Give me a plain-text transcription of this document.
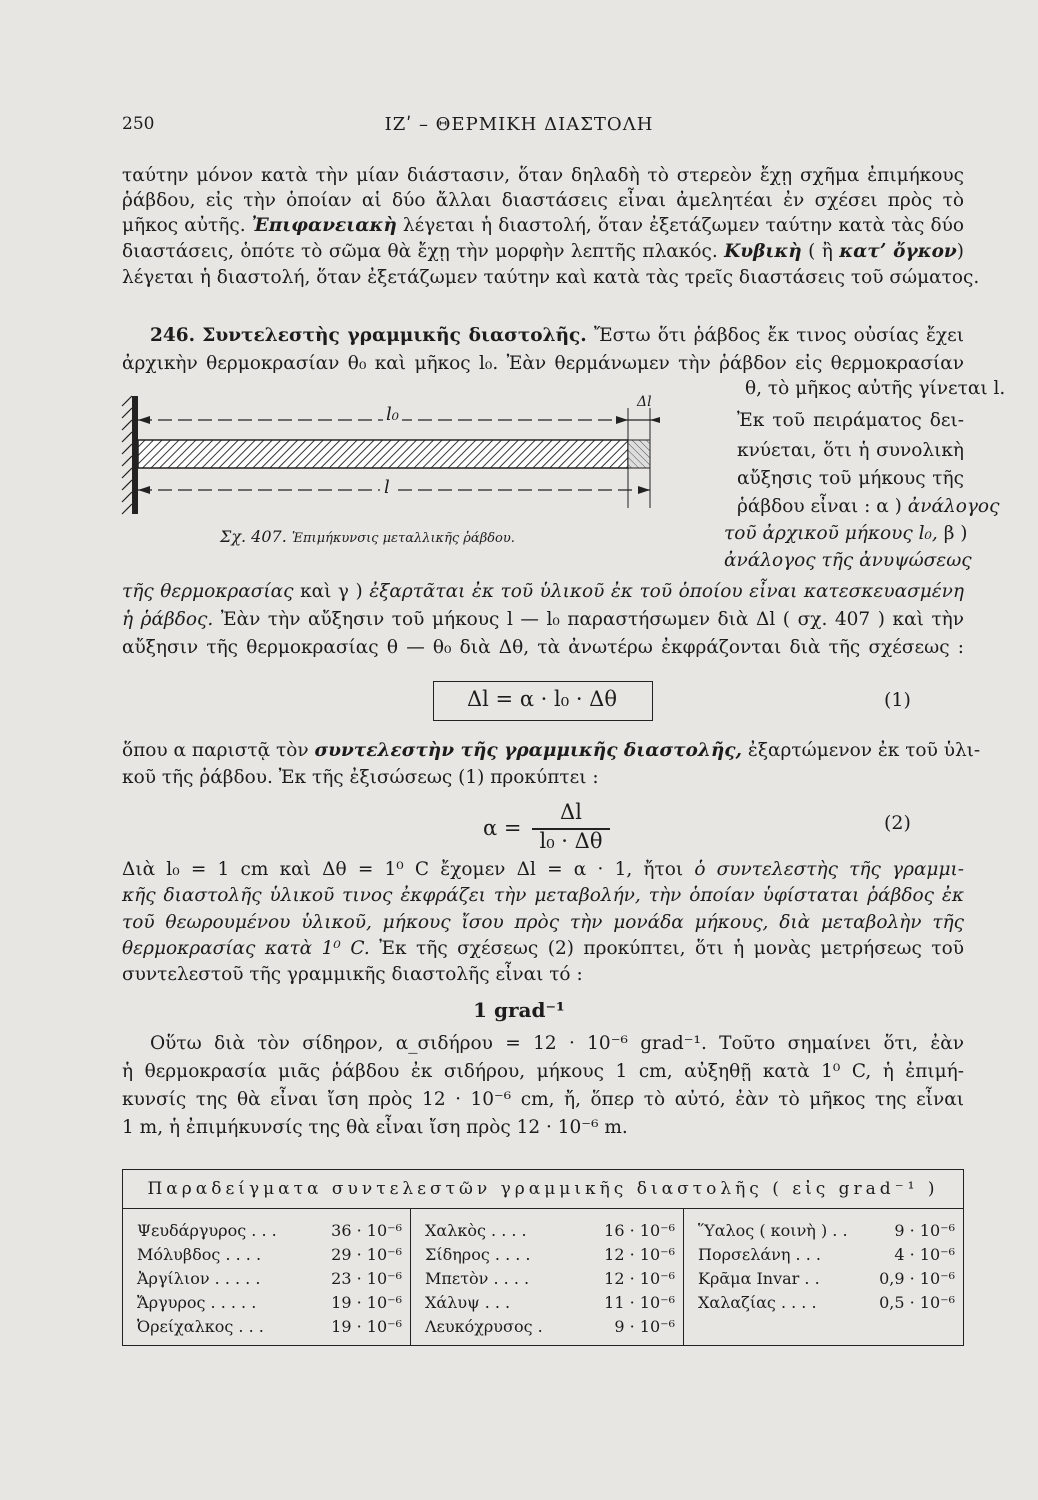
250	ΙΖʹ – ΘΕΡΜΙΚΗ ΔΙΑΣΤΟΛΗ
ταύτην μόνον κατὰ τὴν μίαν διάστασιν, ὅταν δηλαδὴ τὸ στερεὸν ἔχῃ σχῆμα ἐπιμήκους
ῥάβδου, εἰς τὴν ὁποίαν αἱ δύο ἄλλαι διαστάσεις εἶναι ἀμελητέαι ἐν σχέσει πρὸς τὸ
μῆκος αὐτῆς. Ἐπιφανειακὴ λέγεται ἡ διαστολή, ὅταν ἐξετάζωμεν ταύτην κατὰ τὰς δύο
διαστάσεις, ὁπότε τὸ σῶμα θὰ ἔχῃ τὴν μορφὴν λεπτῆς πλακός. Κυβικὴ ( ἢ κατʼ ὄγκον)
λέγεται ἡ διαστολή, ὅταν ἐξετάζωμεν ταύτην καὶ κατὰ τὰς τρεῖς διαστάσεις τοῦ σώματος.
246. Συντελεστὴς γραμμικῆς διαστολῆς. Ἔστω ὅτι ῥάβδος ἔκ τινος οὐσίας ἔχει
ἀρχικὴν θερμοκρασίαν θ₀ καὶ μῆκος l₀. Ἐὰν θερμάνωμεν τὴν ῥάβδον εἰς θερμοκρασίαν
θ, τὸ μῆκος αὐτῆς γίνεται l.
Ἐκ τοῦ πειράματος δει-
κνύεται, ὅτι ἡ συνολικὴ
αὔξησις τοῦ μήκους τῆς
ῥάβδου εἶναι : α ) ἀνάλογος
τοῦ ἀρχικοῦ μήκους l₀, β )
ἀνάλογος τῆς ἀνυψώσεως
l₀
Δl
l
Σχ. 407. Ἐπιμήκυνσις μεταλλικῆς ῥάβδου.
τῆς θερμοκρασίας καὶ γ ) ἐξαρτᾶται ἐκ τοῦ ὑλικοῦ ἐκ τοῦ ὁποίου εἶναι κατεσκευασμένη
ἡ ῥάβδος. Ἐὰν τὴν αὔξησιν τοῦ μήκους l — l₀ παραστήσωμεν διὰ Δl ( σχ. 407 ) καὶ τὴν
αὔξησιν τῆς θερμοκρασίας θ — θ₀ διὰ Δθ, τὰ ἀνωτέρω ἐκφράζονται διὰ τῆς σχέσεως :
Δl = α · l₀ · Δθ	(1)
ὅπου α παριστᾷ τὸν συντελεστὴν τῆς γραμμικῆς διαστολῆς, ἐξαρτώμενον ἐκ τοῦ ὑλι-
κοῦ τῆς ῥάβδου. Ἐκ τῆς ἐξισώσεως (1) προκύπτει :
α =
Δl
l₀ · Δθ
(2)
Διὰ l₀ = 1 cm καὶ Δθ = 1⁰ C ἔχομεν Δl = α · 1, ἤτοι ὁ συντελεστὴς τῆς γραμμι-
κῆς διαστολῆς ὑλικοῦ τινος ἐκφράζει τὴν μεταβολήν, τὴν ὁποίαν ὑφίσταται ῥάβδος ἐκ
τοῦ θεωρουμένου ὑλικοῦ, μήκους ἴσου πρὸς τὴν μονάδα μήκους, διὰ μεταβολὴν τῆς
θερμοκρασίας κατὰ 1⁰ C. Ἐκ τῆς σχέσεως (2) προκύπτει, ὅτι ἡ μονὰς μετρήσεως τοῦ
συντελεστοῦ τῆς γραμμικῆς διαστολῆς εἶναι τό :
1 grad⁻¹
Οὕτω διὰ τὸν σίδηρον, α_σιδήρου = 12 · 10⁻⁶ grad⁻¹. Τοῦτο σημαίνει ὅτι, ἐὰν
ἡ θερμοκρασία μιᾶς ῥάβδου ἐκ σιδήρου, μήκους 1 cm, αὐξηθῇ κατὰ 1⁰ C, ἡ ἐπιμή-
κυνσίς της θὰ εἶναι ἴση πρὸς 12 · 10⁻⁶ cm, ἤ, ὅπερ τὸ αὐτό, ἐὰν τὸ μῆκος της εἶναι
1 m, ἡ ἐπιμήκυνσίς της θὰ εἶναι ἴση πρὸς 12 · 10⁻⁶ m.
Παραδείγματα συντελεστῶν γραμμικῆς διαστολῆς ( εἰς grad⁻¹ )

Ψευδάργυρος . . .	36 · 10⁻⁶
Μόλυβδος . . . .	29 · 10⁻⁶
Ἀργίλιον . . . . .	23 · 10⁻⁶
Ἄργυρος . . . . .	19 · 10⁻⁶
Ὀρείχαλκος . . .	19 · 10⁻⁶

Χαλκὸς . . . .	16 · 10⁻⁶
Σίδηρος . . . .	12 · 10⁻⁶
Μπετὸν . . . .	12 · 10⁻⁶
Χάλυψ . . .	11 · 10⁻⁶
Λευκόχρυσος .	9 · 10⁻⁶

Ὕαλος ( κοινὴ ) . .	9 · 10⁻⁶
Πορσελάνη . . .	4 · 10⁻⁶
Κρᾶμα Invar . .	0,9 · 10⁻⁶
Χαλαζίας . . . .	0,5 · 10⁻⁶
